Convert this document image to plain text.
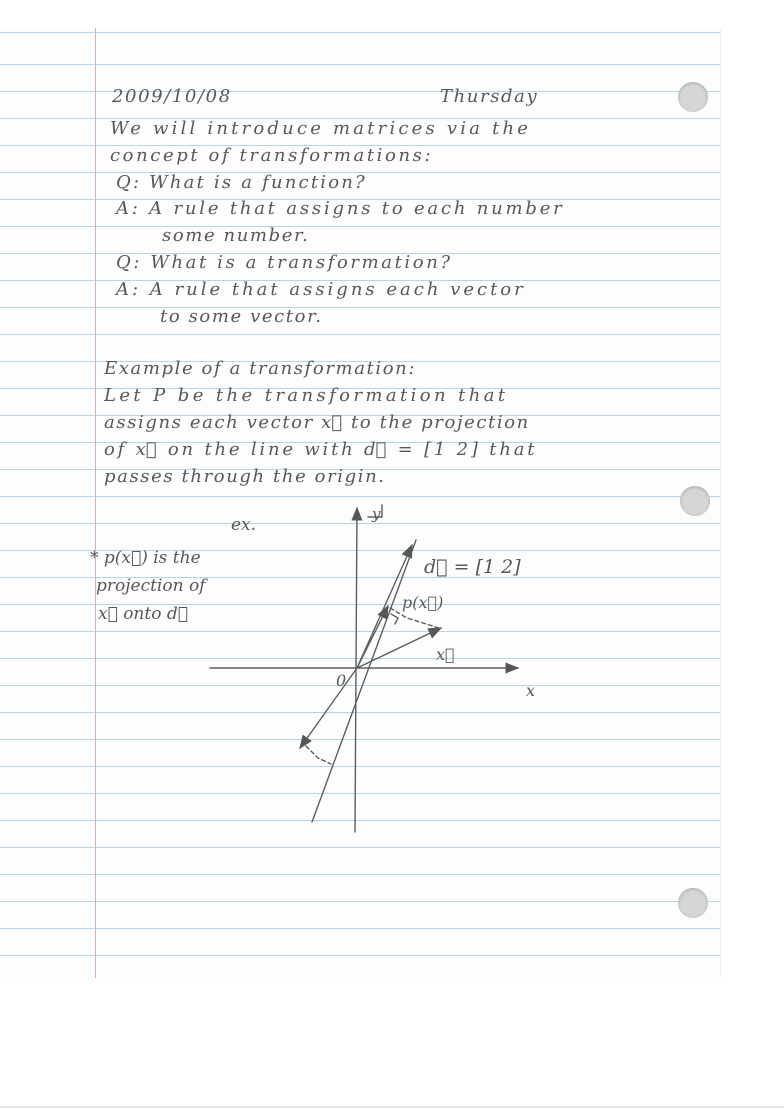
2009/10/08	Thursday

We will introduce matrices via the

concept of transformations:

Q: What is a function?

A: A rule that assigns to each number

some number.

Q: What is a transformation?

A: A rule that assigns each vector

to some vector.

Example of a transformation:

Let P be the transformation that

assigns each vector x⃗ to the projection

of x⃗ on the line with d⃗ = [1 2] that

passes through the origin.

ex.
* p(x⃗) is the
projection of
x⃗ onto d⃗
y
x
0
d⃗ = [1 2]
p(x⃗)
x⃗
